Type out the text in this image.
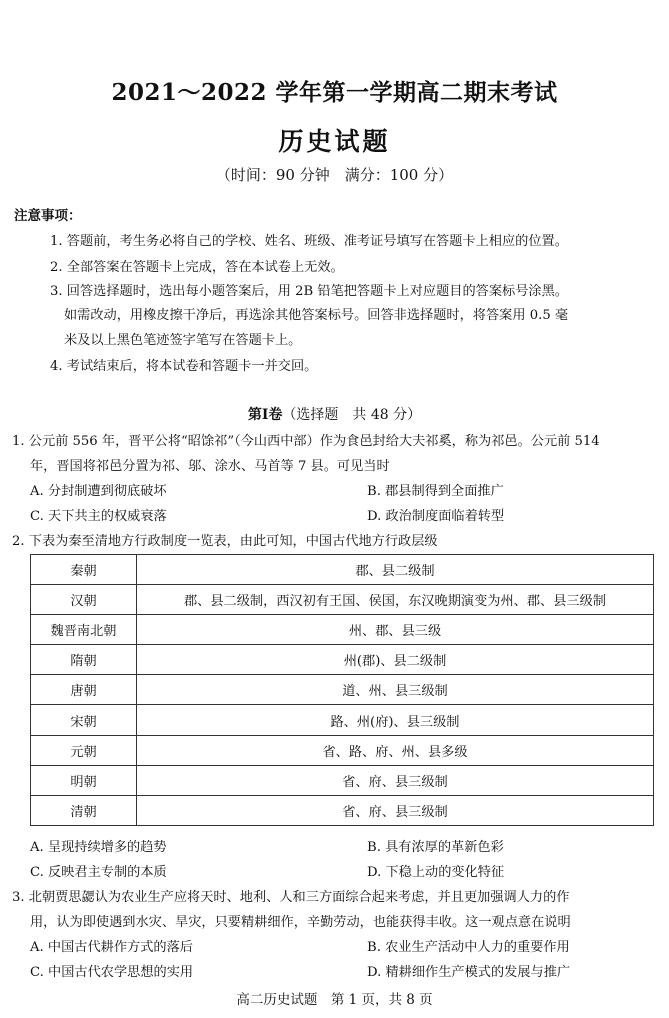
2021～2022 学年第一学期高二期末考试
历史试题
（时间：90 分钟　满分：100 分）
注意事项：
1. 答题前，考生务必将自己的学校、姓名、班级、准考证号填写在答题卡上相应的位置。
2. 全部答案在答题卡上完成，答在本试卷上无效。
3. 回答选择题时，选出每小题答案后，用 2B 铅笔把答题卡上对应题目的答案标号涂黑。
如需改动，用橡皮擦干净后，再选涂其他答案标号。回答非选择题时，将答案用 0.5 毫
米及以上黑色笔迹签字笔写在答题卡上。
4. 考试结束后，将本试卷和答题卡一并交回。
第Ⅰ卷（选择题　共 48 分）
1. 公元前 556 年，晋平公将“昭馀祁”（今山西中部）作为食邑封给大夫祁奚，称为祁邑。公元前 514
年，晋国将祁邑分置为祁、邬、涂水、马首等 7 县。可见当时
A. 分封制遭到彻底破坏	B. 郡县制得到全面推广
C. 天下共主的权威衰落	D. 政治制度面临着转型
2. 下表为秦至清地方行政制度一览表，由此可知，中国古代地方行政层级
秦朝	郡、县二级制
汉朝	郡、县二级制，西汉初有王国、侯国，东汉晚期演变为州、郡、县三级制
魏晋南北朝	州、郡、县三级
隋朝	州(郡)、县二级制
唐朝	道、州、县三级制
宋朝	路、州(府)、县三级制
元朝	省、路、府、州、县多级
明朝	省、府、县三级制
清朝	省、府、县三级制
A. 呈现持续增多的趋势	B. 具有浓厚的革新色彩
C. 反映君主专制的本质	D. 下稳上动的变化特征
3. 北朝贾思勰认为农业生产应将天时、地利、人和三方面综合起来考虑，并且更加强调人力的作
用，认为即使遇到水灾、旱灾，只要精耕细作，辛勤劳动，也能获得丰收。这一观点意在说明
A. 中国古代耕作方式的落后	B. 农业生产活动中人力的重要作用
C. 中国古代农学思想的实用	D. 精耕细作生产模式的发展与推广
高二历史试题　第 1 页，共 8 页
